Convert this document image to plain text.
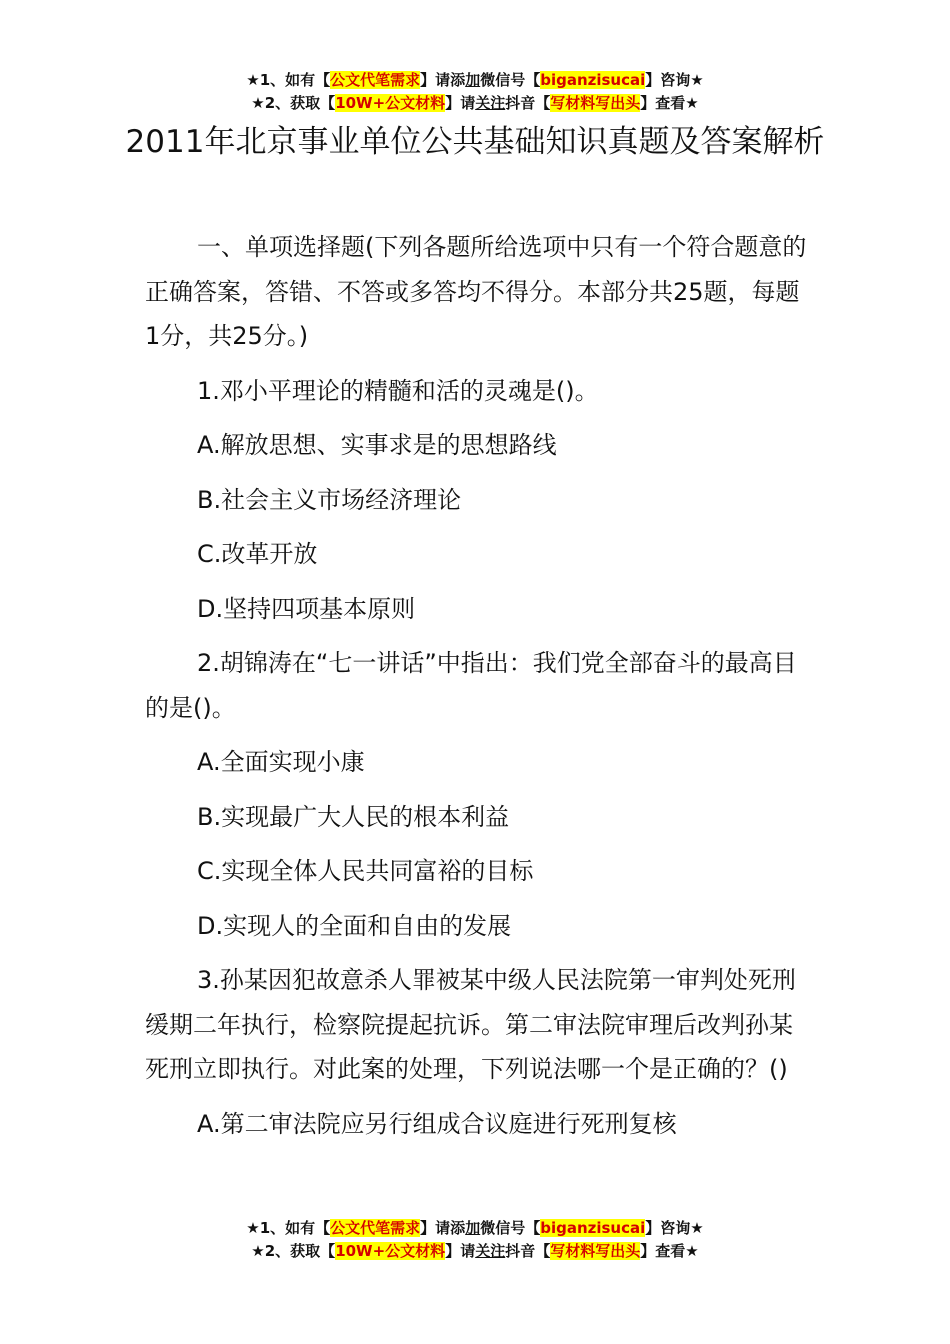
★1、如有【公文代笔需求】请添加微信号【biganzisucai】咨询★
★2、获取【10W+公文材料】请关注抖音【写材料写出头】查看★
2011年北京事业单位公共基础知识真题及答案解析

一、单项选择题(下列各题所给选项中只有一个符合题意的正确答案，答错、不答或多答均不得分。本部分共25题，每题1分，共25分。)

1.邓小平理论的精髓和活的灵魂是()。

A.解放思想、实事求是的思想路线

B.社会主义市场经济理论

C.改革开放

D.坚持四项基本原则

2.胡锦涛在“七一讲话”中指出：我们党全部奋斗的最高目的是()。

A.全面实现小康

B.实现最广大人民的根本利益

C.实现全体人民共同富裕的目标

D.实现人的全面和自由的发展

3.孙某因犯故意杀人罪被某中级人民法院第一审判处死刑缓期二年执行，检察院提起抗诉。第二审法院审理后改判孙某死刑立即执行。对此案的处理，下列说法哪一个是正确的？()

A.第二审法院应另行组成合议庭进行死刑复核

★1、如有【公文代笔需求】请添加微信号【biganzisucai】咨询★
★2、获取【10W+公文材料】请关注抖音【写材料写出头】查看★
